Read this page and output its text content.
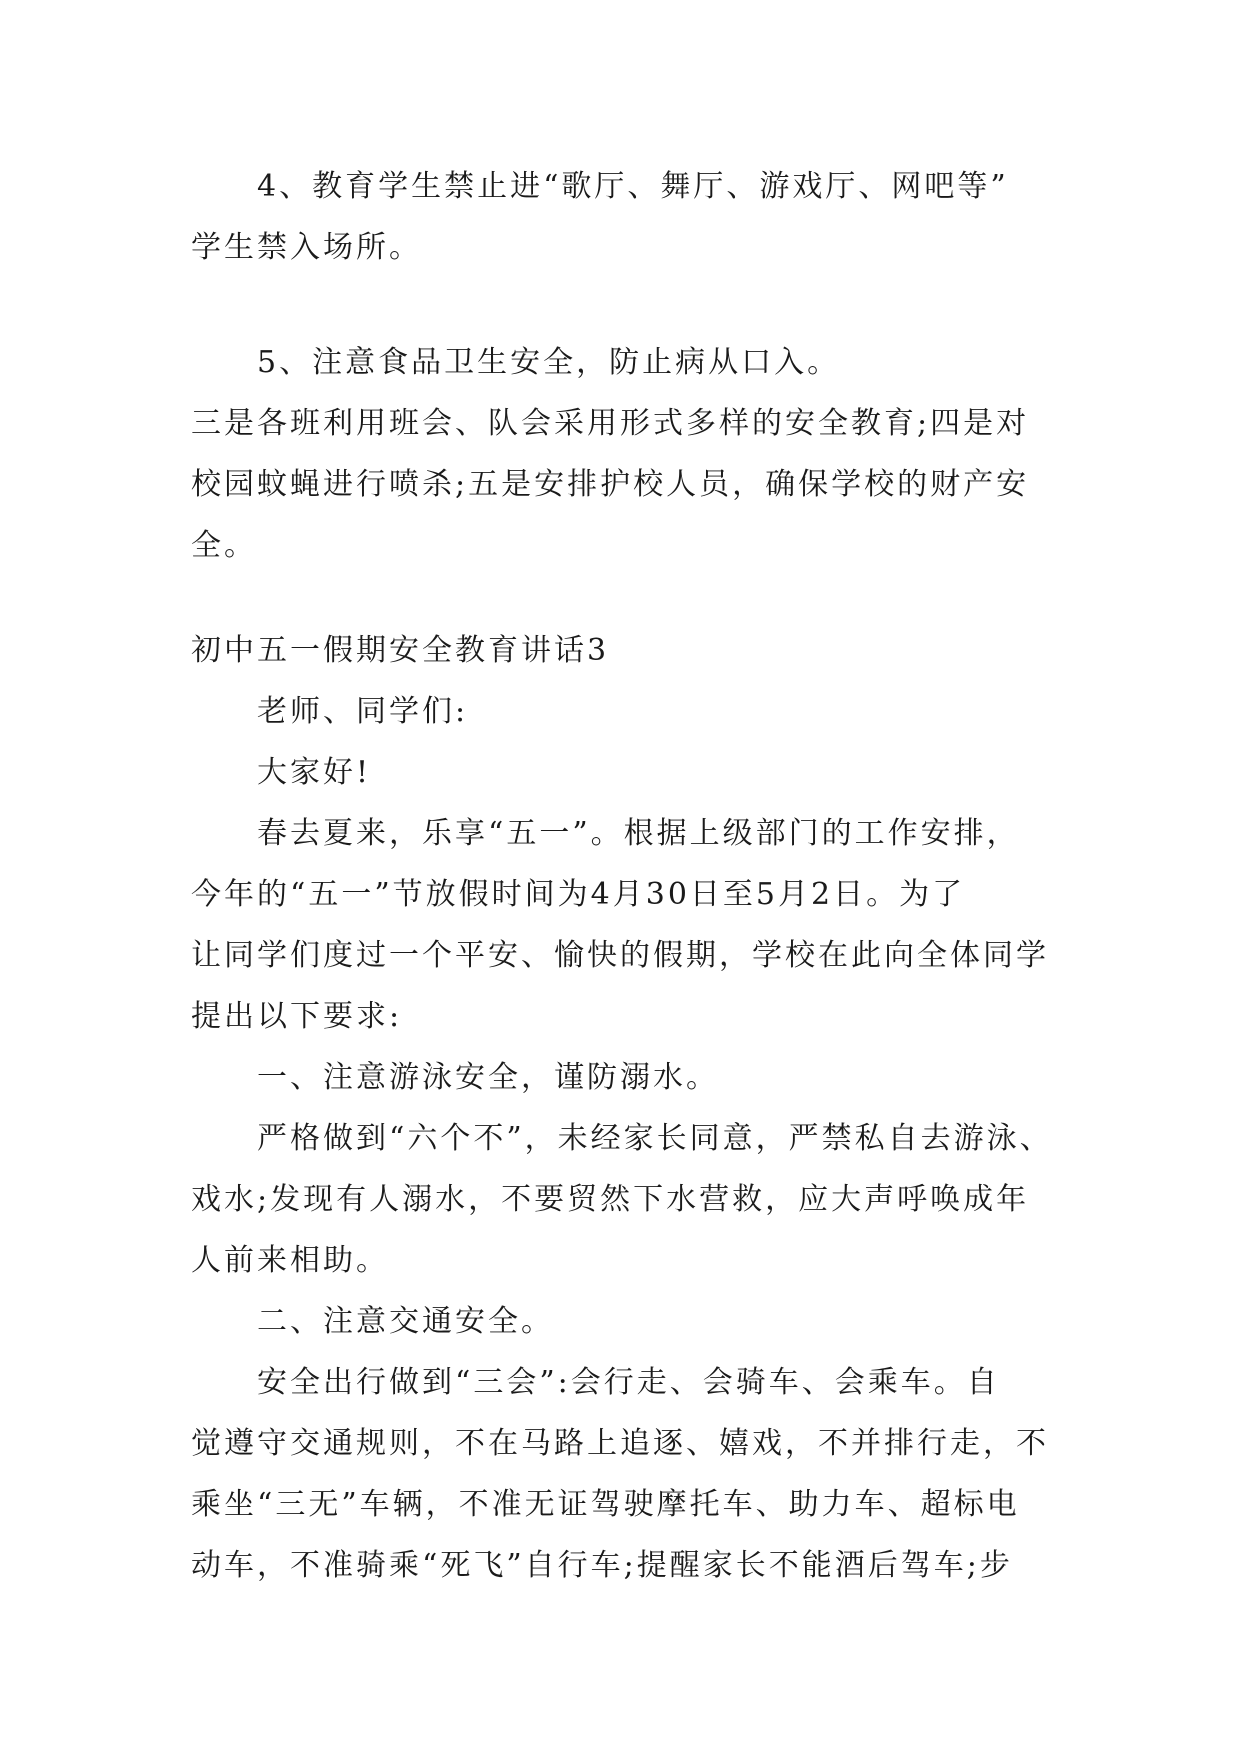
4、教育学生禁止进“歌厅、舞厅、游戏厅、网吧等”
学生禁入场所。
5、注意食品卫生安全，防止病从口入。
三是各班利用班会、队会采用形式多样的安全教育;四是对
校园蚊蝇进行喷杀;五是安排护校人员，确保学校的财产安
全。
初中五一假期安全教育讲话3
老师、同学们:
大家好!
春去夏来，乐享“五一”。根据上级部门的工作安排，
今年的“五一”节放假时间为4月30日至5月2日。为了
让同学们度过一个平安、愉快的假期，学校在此向全体同学
提出以下要求:
一、注意游泳安全，谨防溺水。
严格做到“六个不”，未经家长同意，严禁私自去游泳、
戏水;发现有人溺水，不要贸然下水营救，应大声呼唤成年
人前来相助。
二、注意交通安全。
安全出行做到“三会”:会行走、会骑车、会乘车。自
觉遵守交通规则，不在马路上追逐、嬉戏，不并排行走，不
乘坐“三无”车辆，不准无证驾驶摩托车、助力车、超标电
动车，不准骑乘“死飞”自行车;提醒家长不能酒后驾车;步
